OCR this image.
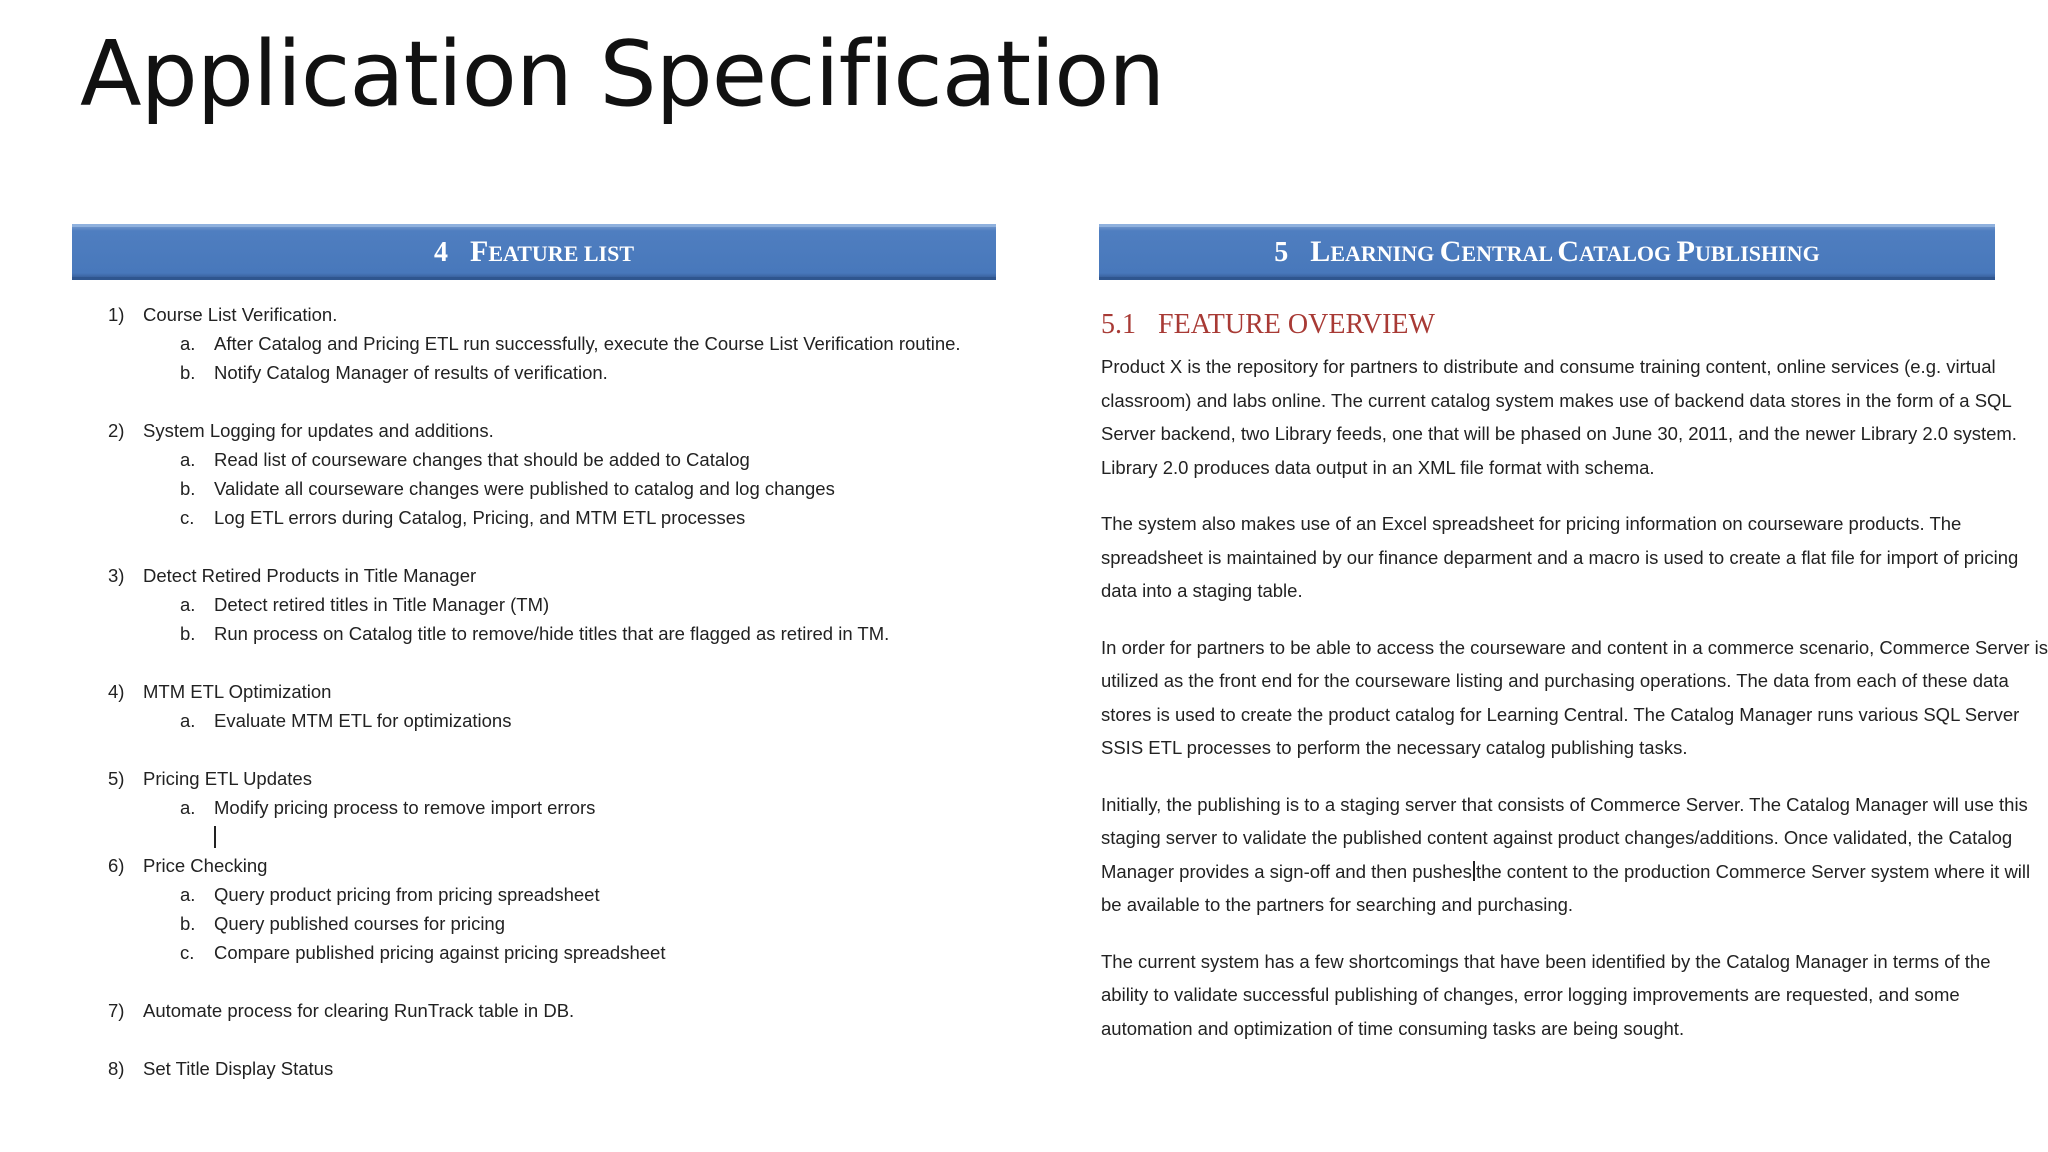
Application Specification
4 FEATURE LIST
1) Course List Verification.
a. After Catalog and Pricing ETL run successfully, execute the Course List Verification routine.
b. Notify Catalog Manager of results of verification.
2) System Logging for updates and additions.
a. Read list of courseware changes that should be added to Catalog
b. Validate all courseware changes were published to catalog and log changes
c. Log ETL errors during Catalog, Pricing, and MTM ETL processes
3) Detect Retired Products in Title Manager
a. Detect retired titles in Title Manager (TM)
b. Run process on Catalog title to remove/hide titles that are flagged as retired in TM.
4) MTM ETL Optimization
a. Evaluate MTM ETL for optimizations
5) Pricing ETL Updates
a. Modify pricing process to remove import errors
6) Price Checking
a. Query product pricing from pricing spreadsheet
b. Query published courses for pricing
c. Compare published pricing against pricing spreadsheet
7) Automate process for clearing RunTrack table in DB.
8) Set Title Display Status
5 LEARNING CENTRAL CATALOG PUBLISHING
5.1 FEATURE OVERVIEW

Product X is the repository for partners to distribute and consume training content, online services (e.g. virtual
classroom) and labs online. The current catalog system makes use of backend data stores in the form of a SQL
Server backend, two Library feeds, one that will be phased on June 30, 2011, and the newer Library 2.0 system.
Library 2.0 produces data output in an XML file format with schema.

The system also makes use of an Excel spreadsheet for pricing information on courseware products. The
spreadsheet is maintained by our finance deparment and a macro is used to create a flat file for import of pricing
data into a staging table.

In order for partners to be able to access the courseware and content in a commerce scenario, Commerce Server is
utilized as the front end for the courseware listing and purchasing operations. The data from each of these data
stores is used to create the product catalog for Learning Central. The Catalog Manager runs various SQL Server
SSIS ETL processes to perform the necessary catalog publishing tasks.

Initially, the publishing is to a staging server that consists of Commerce Server. The Catalog Manager will use this
staging server to validate the published content against product changes/additions. Once validated, the Catalog
Manager provides a sign-off and then pushes the content to the production Commerce Server system where it will
be available to the partners for searching and purchasing.

The current system has a few shortcomings that have been identified by the Catalog Manager in terms of the
ability to validate successful publishing of changes, error logging improvements are requested, and some
automation and optimization of time consuming tasks are being sought.
